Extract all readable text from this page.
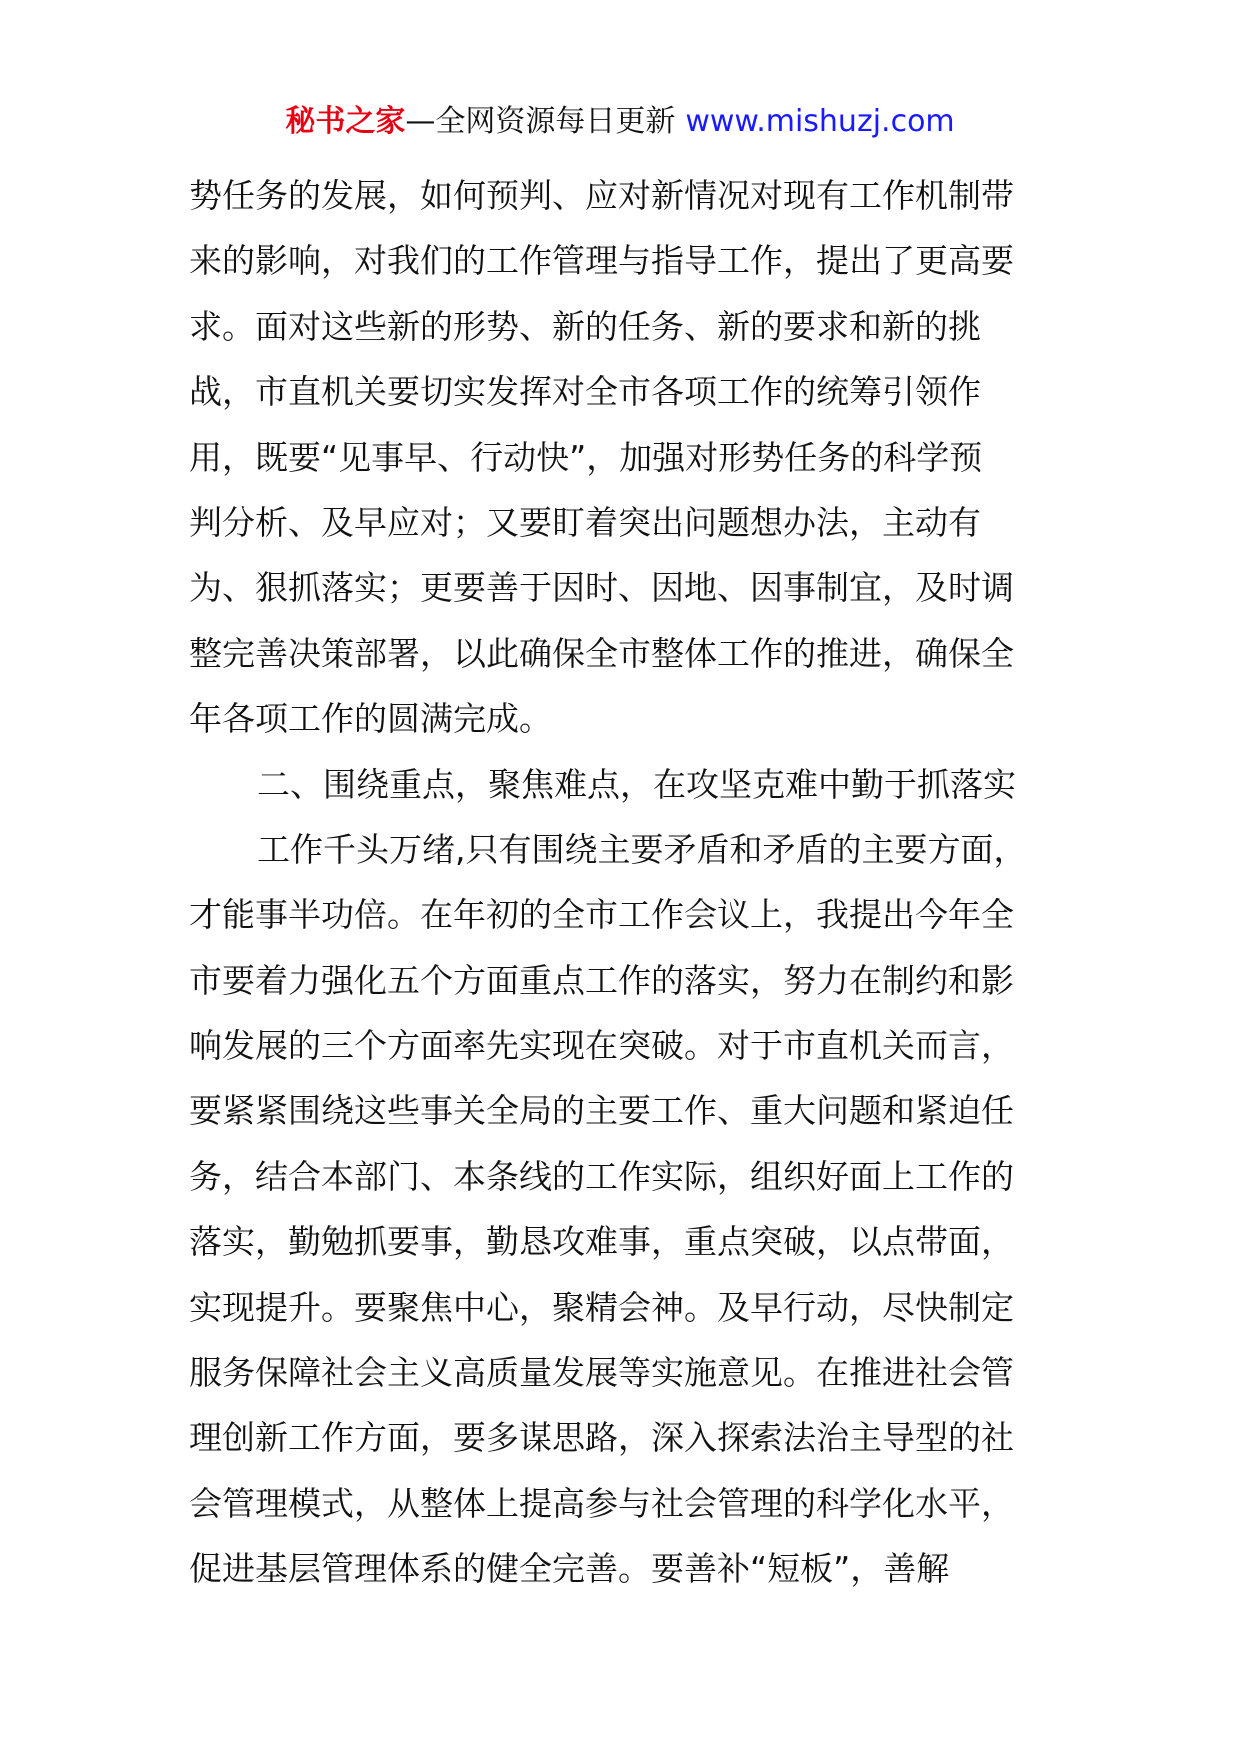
秘书之家—全网资源每日更新 www.mishuzj.com
势任务的发展，如何预判、应对新情况对现有工作机制带
来的影响，对我们的工作管理与指导工作，提出了更高要
求。面对这些新的形势、新的任务、新的要求和新的挑
战，市直机关要切实发挥对全市各项工作的统筹引领作
用，既要“见事早、行动快”，加强对形势任务的科学预
判分析、及早应对；又要盯着突出问题想办法，主动有
为、狠抓落实；更要善于因时、因地、因事制宜，及时调
整完善决策部署，以此确保全市整体工作的推进，确保全
年各项工作的圆满完成。
二、围绕重点，聚焦难点，在攻坚克难中勤于抓落实
工作千头万绪,只有围绕主要矛盾和矛盾的主要方面，
才能事半功倍。在年初的全市工作会议上，我提出今年全
市要着力强化五个方面重点工作的落实，努力在制约和影
响发展的三个方面率先实现在突破。对于市直机关而言，
要紧紧围绕这些事关全局的主要工作、重大问题和紧迫任
务，结合本部门、本条线的工作实际，组织好面上工作的
落实，勤勉抓要事，勤恳攻难事，重点突破，以点带面，
实现提升。要聚焦中心，聚精会神。及早行动，尽快制定
服务保障社会主义高质量发展等实施意见。在推进社会管
理创新工作方面，要多谋思路，深入探索法治主导型的社
会管理模式，从整体上提高参与社会管理的科学化水平，
促进基层管理体系的健全完善。要善补“短板”，善解
